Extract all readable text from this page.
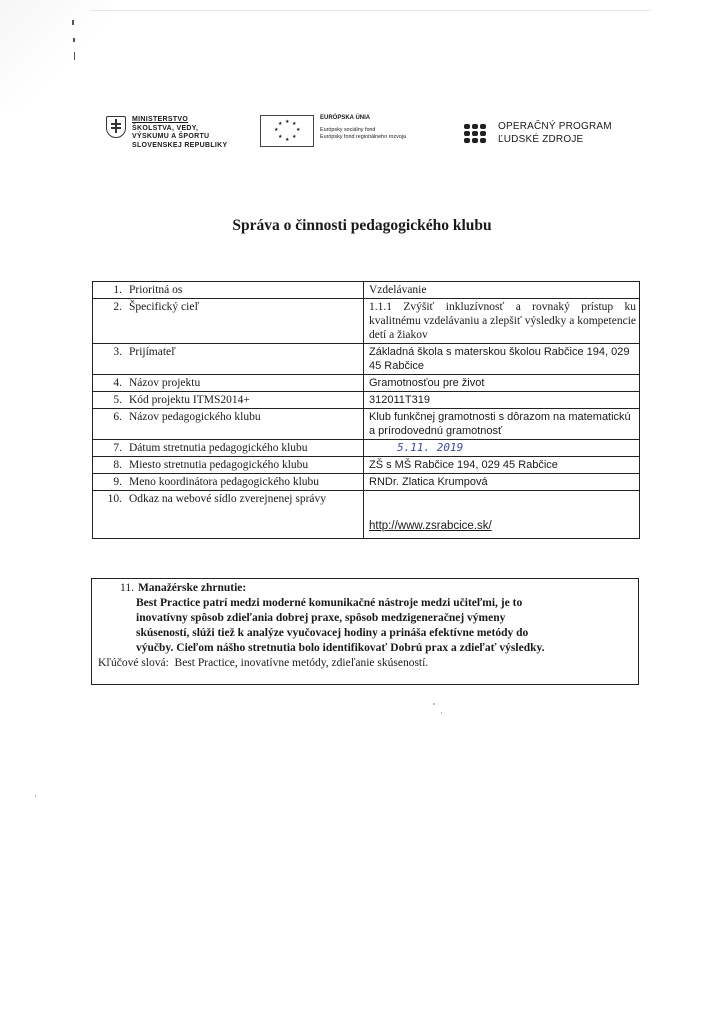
MINISTERSTVO
ŠKOLSTVA, VEDY,
VÝSKUMU A ŠPORTU
SLOVENSKEJ REPUBLIKY
★ ★
★
★
★
★
★
★
EURÓPSKA ÚNIA
Európsky sociálny fond
Európsky fond regionálneho rozvoja
OPERAČNÝ PROGRAM
ĽUDSKÉ ZDROJE
Správa o činnosti pedagogického klubu
1. Prioritná os	Vzdelávanie
2. Špecifický cieľ	1.1.1 Zvýšiť inkluzívnosť a rovnaký prístup ku kvalitnému vzdelávaniu a zlepšiť výsledky a kompetencie detí a žiakov
3. Prijímateľ	Základná škola s materskou školou Rabčice 194, 029 45 Rabčice
4. Názov projektu	Gramotnosťou pre život
5. Kód projektu ITMS2014+	312011T319
6. Názov pedagogického klubu	Klub funkčnej gramotnosti s dôrazom na matematickú a prírodovednú gramotnosť
7. Dátum stretnutia pedagogického klubu	5.11. 2019
8. Miesto stretnutia pedagogického klubu	ZŠ s MŠ Rabčice 194, 029 45 Rabčice
9. Meno koordinátora pedagogického klubu	RNDr. Zlatica Krumpová
10. Odkaz na webové sídlo zverejnenej správy	http://www.zsrabcice.sk/
11. Manažérske zhrnutie:
Best Practice patrí medzi moderné komunikačné nástroje medzi učiteľmi, je to
inovatívny spôsob zdieľania dobrej praxe, spôsob medzigeneračnej výmeny
skúseností, slúži tiež k analýze vyučovacej hodiny a prináša efektívne metódy do
výučby. Cieľom nášho stretnutia bolo identifikovať Dobrú prax a zdieľať výsledky.
Kľúčové slová: Best Practice, inovatívne metódy, zdieľanie skúseností.
